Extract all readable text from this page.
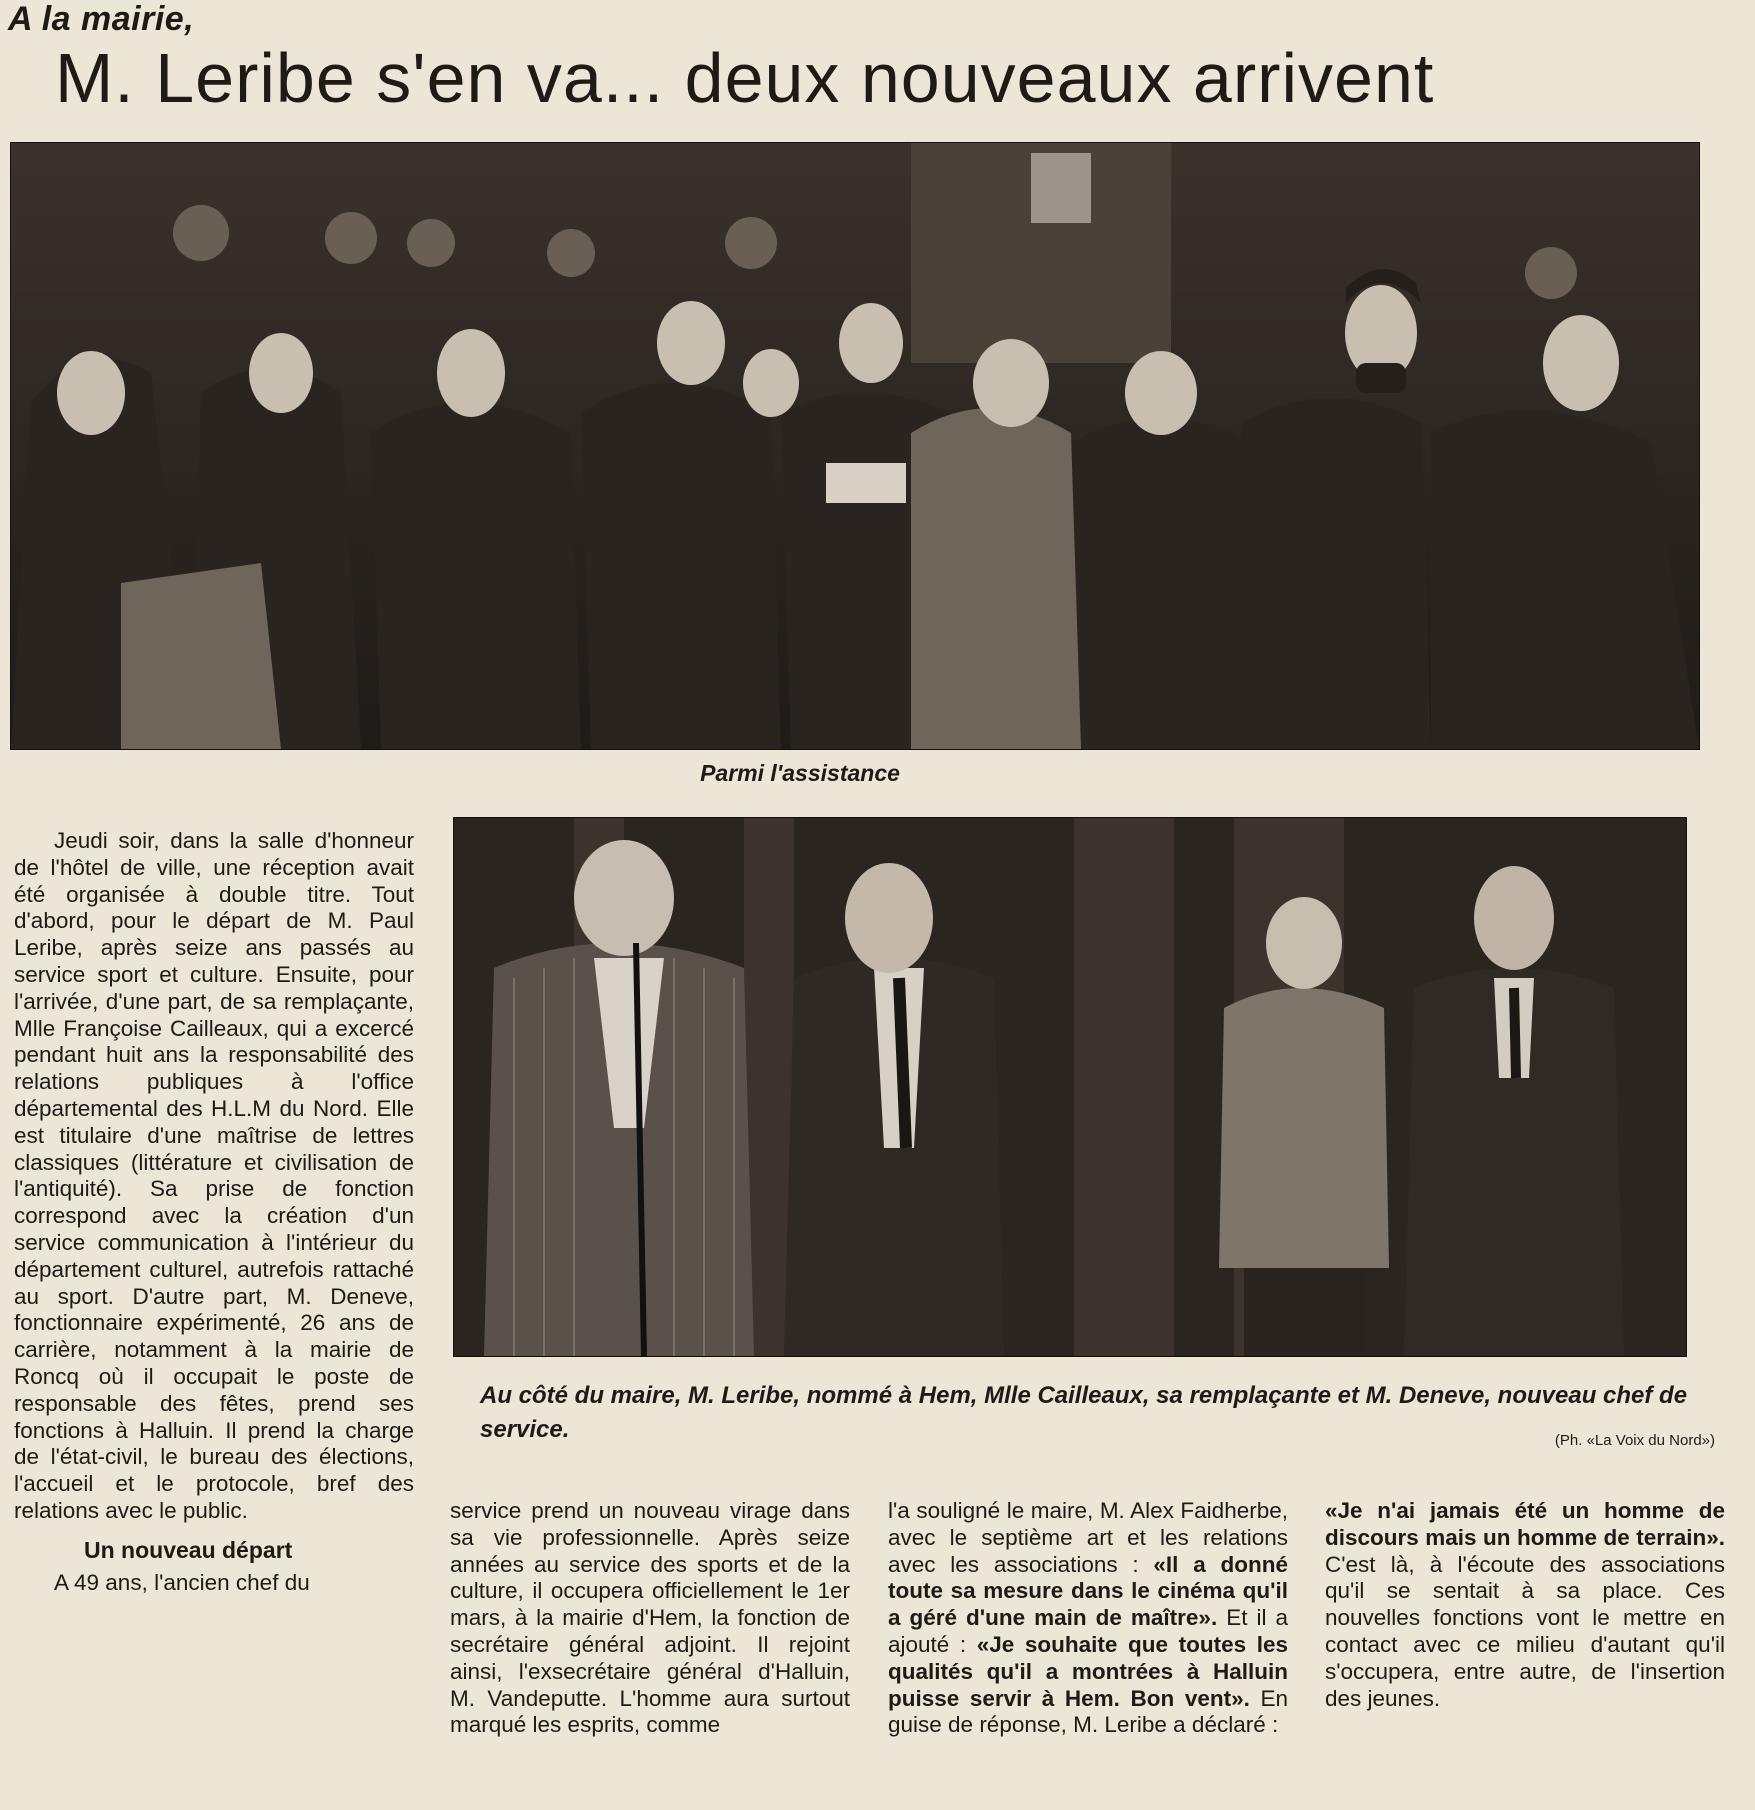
A la mairie,
M. Leribe s'en va... deux nouveaux arrivent
Parmi l'assistance
Au côté du maire, M. Leribe, nommé à Hem, Mlle Cailleaux, sa remplaçante et M. Deneve, nouveau chef de service.	(Ph. «La Voix du Nord»)

Jeudi soir, dans la salle d'honneur de l'hôtel de ville, une réception avait été organisée à double titre. Tout d'abord, pour le départ de M. Paul Leribe, après seize ans passés au service sport et culture. Ensuite, pour l'arrivée, d'une part, de sa remplaçante, Mlle Françoise Cailleaux, qui a excercé pendant huit ans la responsabilité des relations publiques à l'office départemental des H.L.M du Nord. Elle est titulaire d'une maîtrise de lettres classiques (littérature et civilisation de l'antiquité). Sa prise de fonction correspond avec la création d'un service communication à l'intérieur du département culturel, autrefois rattaché au sport. D'autre part, M. Deneve, fonctionnaire expérimenté, 26 ans de carrière, notamment à la mairie de Roncq où il occupait le poste de responsable des fêtes, prend ses fonctions à Halluin. Il prend la charge de l'état-civil, le bureau des élections, l'accueil et le protocole, bref des relations avec le public.

Un nouveau départ

A 49 ans, l'ancien chef du

service prend un nouveau virage dans sa vie professionnelle. Après seize années au service des sports et de la culture, il occupera officiellement le 1er mars, à la mairie d'Hem, la fonction de secrétaire général adjoint. Il rejoint ainsi, l'exsecrétaire général d'Halluin, M. Vandeputte. L'homme aura surtout marqué les esprits, comme

l'a souligné le maire, M. Alex Faidherbe, avec le septième art et les relations avec les associations : «Il a donné toute sa mesure dans le cinéma qu'il a géré d'une main de maître». Et il a ajouté : «Je souhaite que toutes les qualités qu'il a montrées à Halluin puisse servir à Hem. Bon vent». En guise de réponse, M. Leribe a déclaré :

«Je n'ai jamais été un homme de discours mais un homme de terrain». C'est là, à l'écoute des associations qu'il se sentait à sa place. Ces nouvelles fonctions vont le mettre en contact avec ce milieu d'autant qu'il s'occupera, entre autre, de l'insertion des jeunes.
